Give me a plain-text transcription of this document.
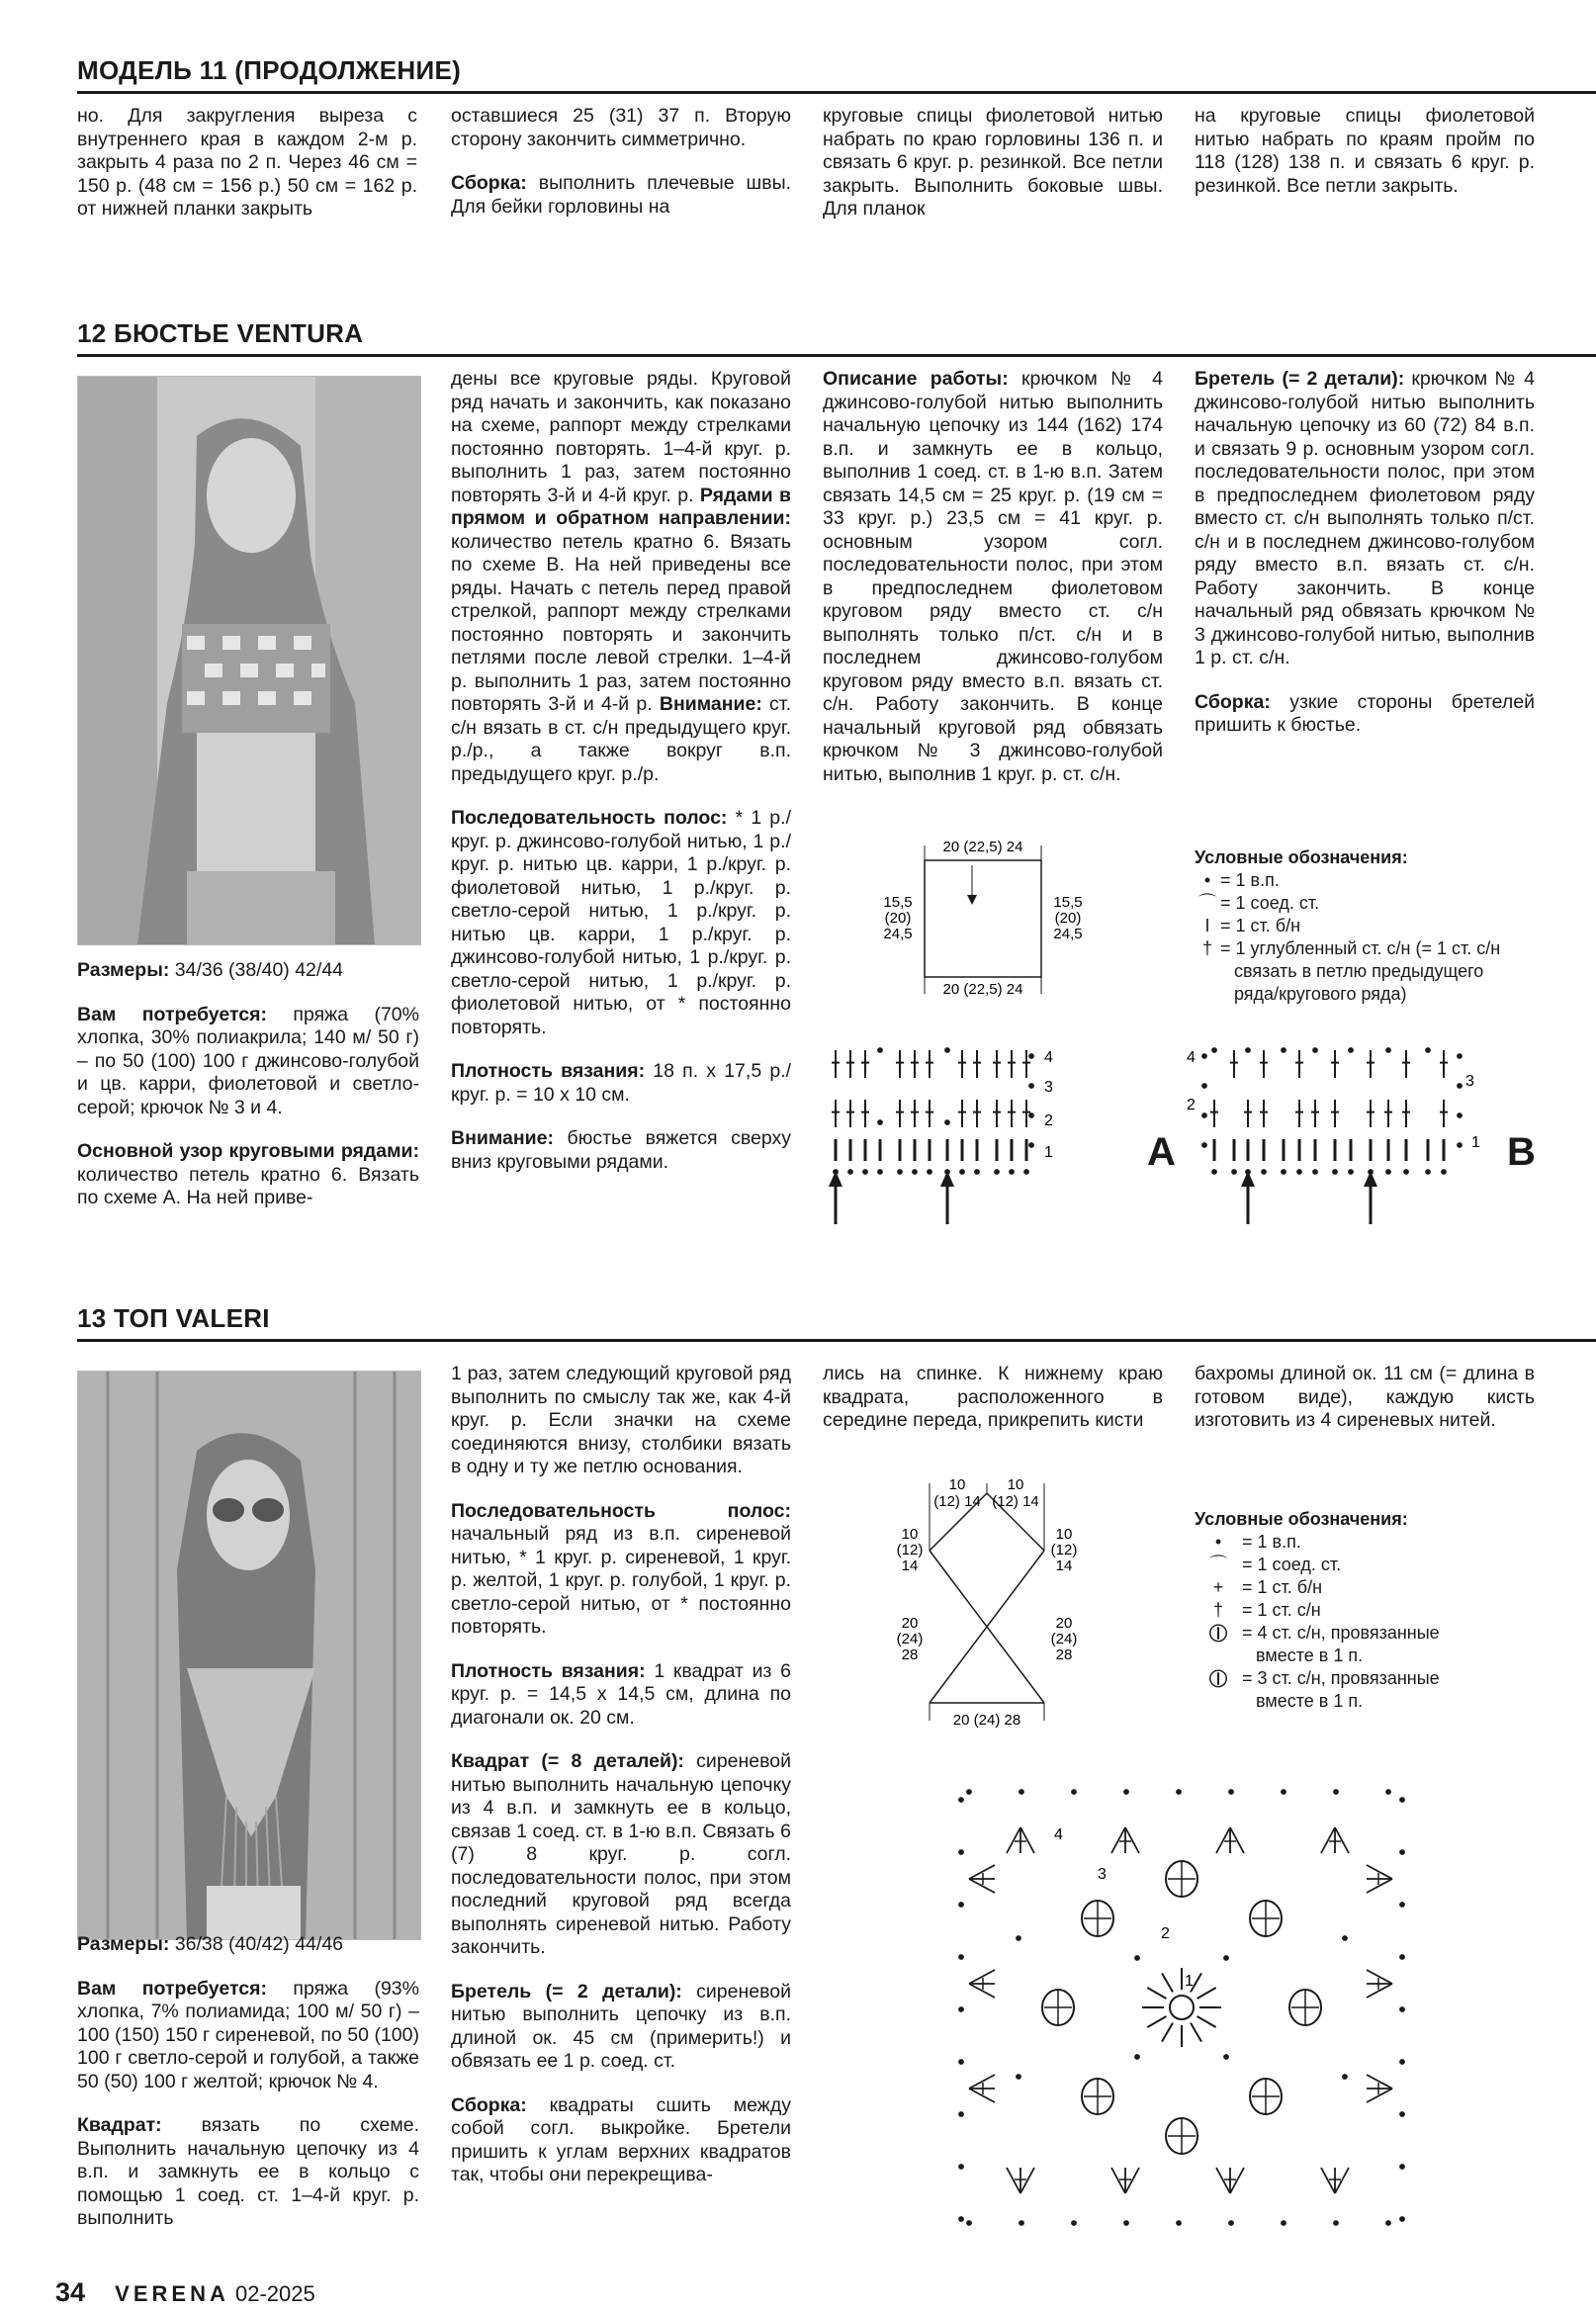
МОДЕЛЬ 11 (ПРОДОЛЖЕНИЕ)

но. Для закругления выреза с внутреннего края в каждом 2-м р. закрыть 4 раза по 2 п. Через 46 см = 150 р. (48 см = 156 р.) 50 см = 162 р. от нижней планки закрыть

оставшиеся 25 (31) 37 п. Вторую сторону закончить симметрично.

Сборка: выполнить плечевые швы. Для бейки горловины на

круговые спицы фиолетовой нитью набрать по краю горловины 136 п. и связать 6 круг. р. резинкой. Все петли закрыть. Выполнить боковые швы. Для планок

на круговые спицы фиолетовой нитью набрать по краям пройм по 118 (128) 138 п. и связать 6 круг. р. резинкой. Все петли закрыть.

12 БЮСТЬЕ VENTURA

Размеры: 34/36 (38/40) 42/44

Вам потребуется: пряжа (70% хлопка, 30% полиакрила; 140 м/ 50 г) – по 50 (100) 100 г джинсово-голубой и цв. карри, фиолетовой и светло-серой; крючок № 3 и 4.

Основной узор круговыми рядами: количество петель кратно 6. Вязать по схеме А. На ней приве-

дены все круговые ряды. Круговой ряд начать и закончить, как показано на схеме, раппорт между стрелками постоянно повторять. 1–4-й круг. р. выполнить 1 раз, затем постоянно повторять 3-й и 4-й круг. р. Рядами в прямом и обратном направлении: количество петель кратно 6. Вязать по схеме В. На ней приведены все ряды. Начать с петель перед правой стрелкой, раппорт между стрелками постоянно повторять и закончить петлями после левой стрелки. 1–4-й р. выполнить 1 раз, затем постоянно повторять 3-й и 4-й р. Внимание: ст. с/н вязать в ст. с/н предыдущего круг. р./р., а также вокруг в.п. предыдущего круг. р./р.

Последовательность полос: * 1 р./круг. р. джинсово-голубой нитью, 1 р./круг. р. нитью цв. карри, 1 р./круг. р. фиолетовой нитью, 1 р./круг. р. светло-серой нитью, 1 р./круг. р. нитью цв. карри, 1 р./круг. р. джинсово-голубой нитью, 1 р./круг. р. светло-серой нитью, 1 р./круг. р. фиолетовой нитью, от * постоянно повторять.

Плотность вязания: 18 п. х 17,5 р./круг. р. = 10 х 10 см.

Внимание: бюстье вяжется сверху вниз круговыми рядами.

Описание работы: крючком № 4 джинсово-голубой нитью выполнить начальную цепочку из 144 (162) 174 в.п. и замкнуть ее в кольцо, выполнив 1 соед. ст. в 1-ю в.п. Затем связать 14,5 см = 25 круг. р. (19 см = 33 круг. р.) 23,5 см = 41 круг. р. основным узором согл. последовательности полос, при этом в предпоследнем фиолетовом круговом ряду вместо ст. с/н выполнять только п/ст. с/н и в последнем джинсово-голубом круговом ряду вместо в.п. вязать ст. с/н. Работу закончить. В конце начальный круговой ряд обвязать крючком № 3 джинсово-голубой нитью, выполнив 1 круг. р. ст. с/н.

Бретель (= 2 детали): крючком № 4 джинсово-голубой нитью выполнить начальную цепочку из 60 (72) 84 в.п. и связать 9 р. основным узором согл. последовательности полос, при этом в предпоследнем фиолетовом ряду вместо ст. с/н выполнять только п/ст. с/н и в последнем джинсово-голубом ряду вместо в.п. вязать ст. с/н. Работу закончить. В конце начальный ряд обвязать крючком № 3 джинсово-голубой нитью, выполнив 1 р. ст. с/н.

Сборка: узкие стороны бретелей пришить к бюстье.

20 (22,5) 24
20 (22,5) 24
15,5
(20)
24,5
15,5
(20)
24,5
Условные обозначения:
• = 1 в.п.
⌒ = 1 соед. ст.
I = 1 ст. б/н
† = 1 углубленный ст. с/н (= 1 ст. с/н
связать в петлю предыдущего
ряда/кругового ряда)
4
3
2
1 A
4
3
2
1 B
13 ТОП VALERI

Размеры: 36/38 (40/42) 44/46

Вам потребуется: пряжа (93% хлопка, 7% полиамида; 100 м/ 50 г) – 100 (150) 150 г сиреневой, по 50 (100) 100 г светло-серой и голубой, а также 50 (50) 100 г желтой; крючок № 4.

Квадрат: вязать по схеме. Выполнить начальную цепочку из 4 в.п. и замкнуть ее в кольцо с помощью 1 соед. ст. 1–4-й круг. р. выполнить

1 раз, затем следующий круговой ряд выполнить по смыслу так же, как 4-й круг. р. Если значки на схеме соединяются внизу, столбики вязать в одну и ту же петлю основания.

Последовательность полос: начальный ряд из в.п. сиреневой нитью, * 1 круг. р. сиреневой, 1 круг. р. желтой, 1 круг. р. голубой, 1 круг. р. светло-серой нитью, от * постоянно повторять.

Плотность вязания: 1 квадрат из 6 круг. р. = 14,5 х 14,5 см, длина по диагонали ок. 20 см.

Квадрат (= 8 деталей): сиреневой нитью выполнить начальную цепочку из 4 в.п. и замкнуть ее в кольцо, связав 1 соед. ст. в 1-ю в.п. Связать 6 (7) 8 круг. р. согл. последовательности полос, при этом последний круговой ряд всегда выполнять сиреневой нитью. Работу закончить.

Бретель (= 2 детали): сиреневой нитью выполнить цепочку из в.п. длиной ок. 45 см (примерить!) и обвязать ее 1 р. соед. ст.

Сборка: квадраты сшить между собой согл. выкройке. Бретели пришить к углам верхних квадратов так, чтобы они перекрещива-

лись на спинке. К нижнему краю квадрата, расположенного в середине переда, прикрепить кисти

бахромы длиной ок. 11 см (= длина в готовом виде), каждую кисть изготовить из 4 сиреневых нитей.

10
(12) 14
10
(12) 14
10
(12)
14
20
(24)
28
10
(12)
14
20
(24)
28
20 (24) 28
Условные обозначения:
•	= 1 в.п.
⌒ = 1 соед. ст.
+	= 1 ст. б/н
†	= 1 ст. с/н
⦶ = 4 ст. с/н, провязанные
вместе в 1 п.
⦶ = 3 ст. с/н, провязанные
вместе в 1 п.
4
3
2
1
34 VERENA 02-2025
